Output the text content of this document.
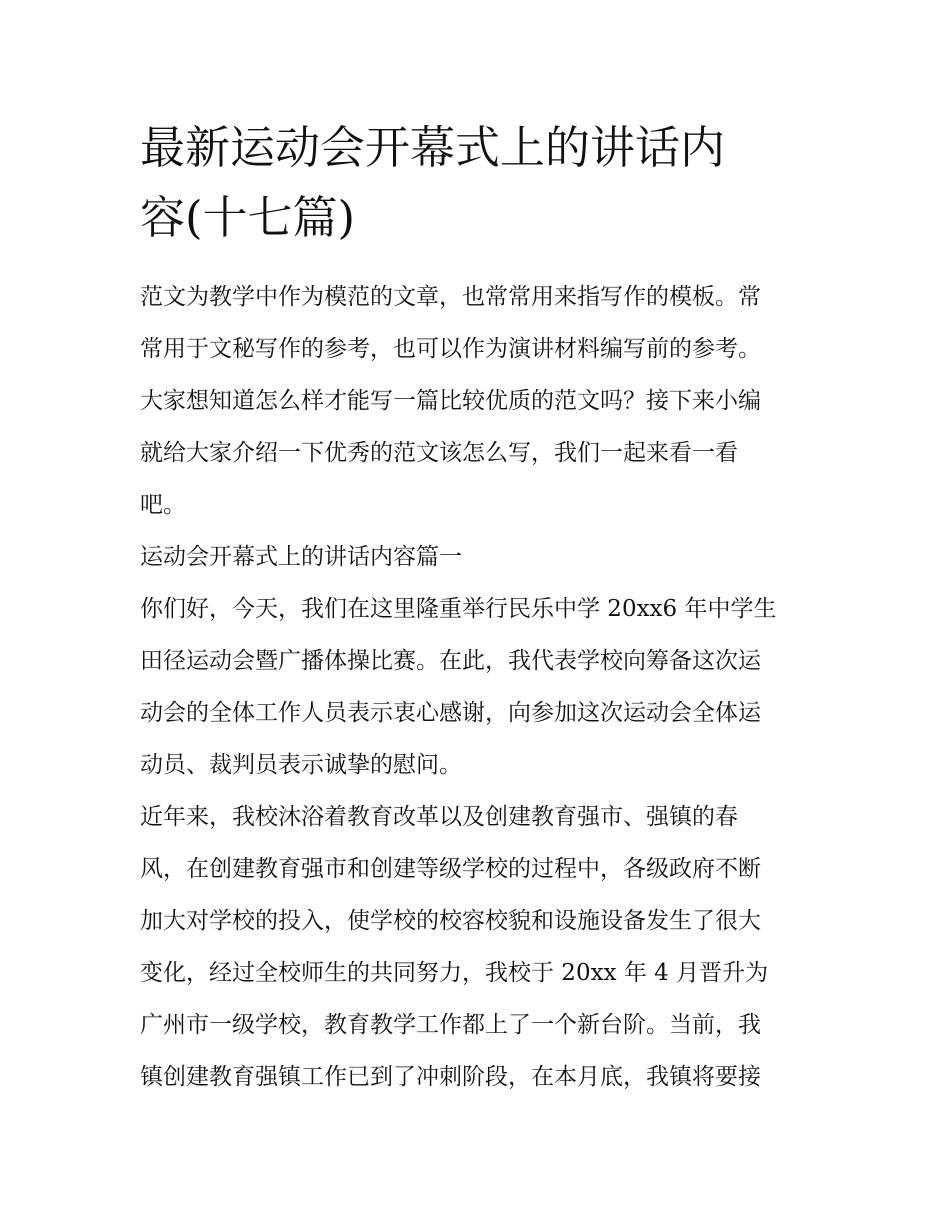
最新运动会开幕式上的讲话内
容(十七篇)

范文为教学中作为模范的文章，也常常用来指写作的模板。常
常用于文秘写作的参考，也可以作为演讲材料编写前的参考。
大家想知道怎么样才能写一篇比较优质的范文吗？接下来小编
就给大家介绍一下优秀的范文该怎么写，我们一起来看一看
吧。

运动会开幕式上的讲话内容篇一

你们好，今天，我们在这里隆重举行民乐中学 20xx6 年中学生
田径运动会暨广播体操比赛。在此，我代表学校向筹备这次运
动会的全体工作人员表示衷心感谢，向参加这次运动会全体运
动员、裁判员表示诚挚的慰问。

近年来，我校沐浴着教育改革以及创建教育强市、强镇的春
风，在创建教育强市和创建等级学校的过程中，各级政府不断
加大对学校的投入，使学校的校容校貌和设施设备发生了很大
变化，经过全校师生的共同努力，我校于 20xx 年 4 月晋升为
广州市一级学校，教育教学工作都上了一个新台阶。当前，我
镇创建教育强镇工作已到了冲刺阶段，在本月底，我镇将要接
